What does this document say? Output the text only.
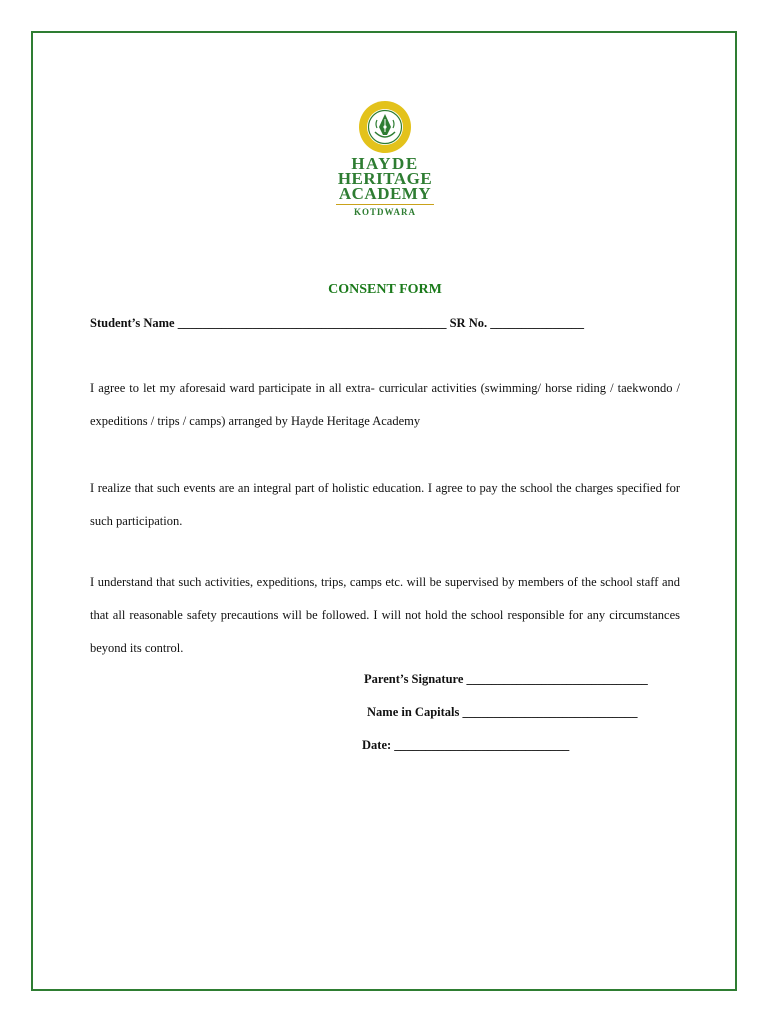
HAYDE
HERITAGE
ACADEMY
KOTDWARA
CONSENT FORM
Student’s Name ___________________________________________ SR No. _______________
I agree to let my aforesaid ward participate in all extra- curricular activities (swimming/ horse riding / taekwondo / expeditions / trips / camps) arranged by Hayde Heritage Academy
I realize that such events are an integral part of holistic education. I agree to pay the school the charges specified for such participation.
I understand that such activities, expeditions, trips, camps etc. will be supervised by members of the school staff and that all reasonable safety precautions will be followed. I will not hold the school responsible for any circumstances beyond its control.
Parent’s Signature _____________________________
Name in Capitals ____________________________
Date: ____________________________
